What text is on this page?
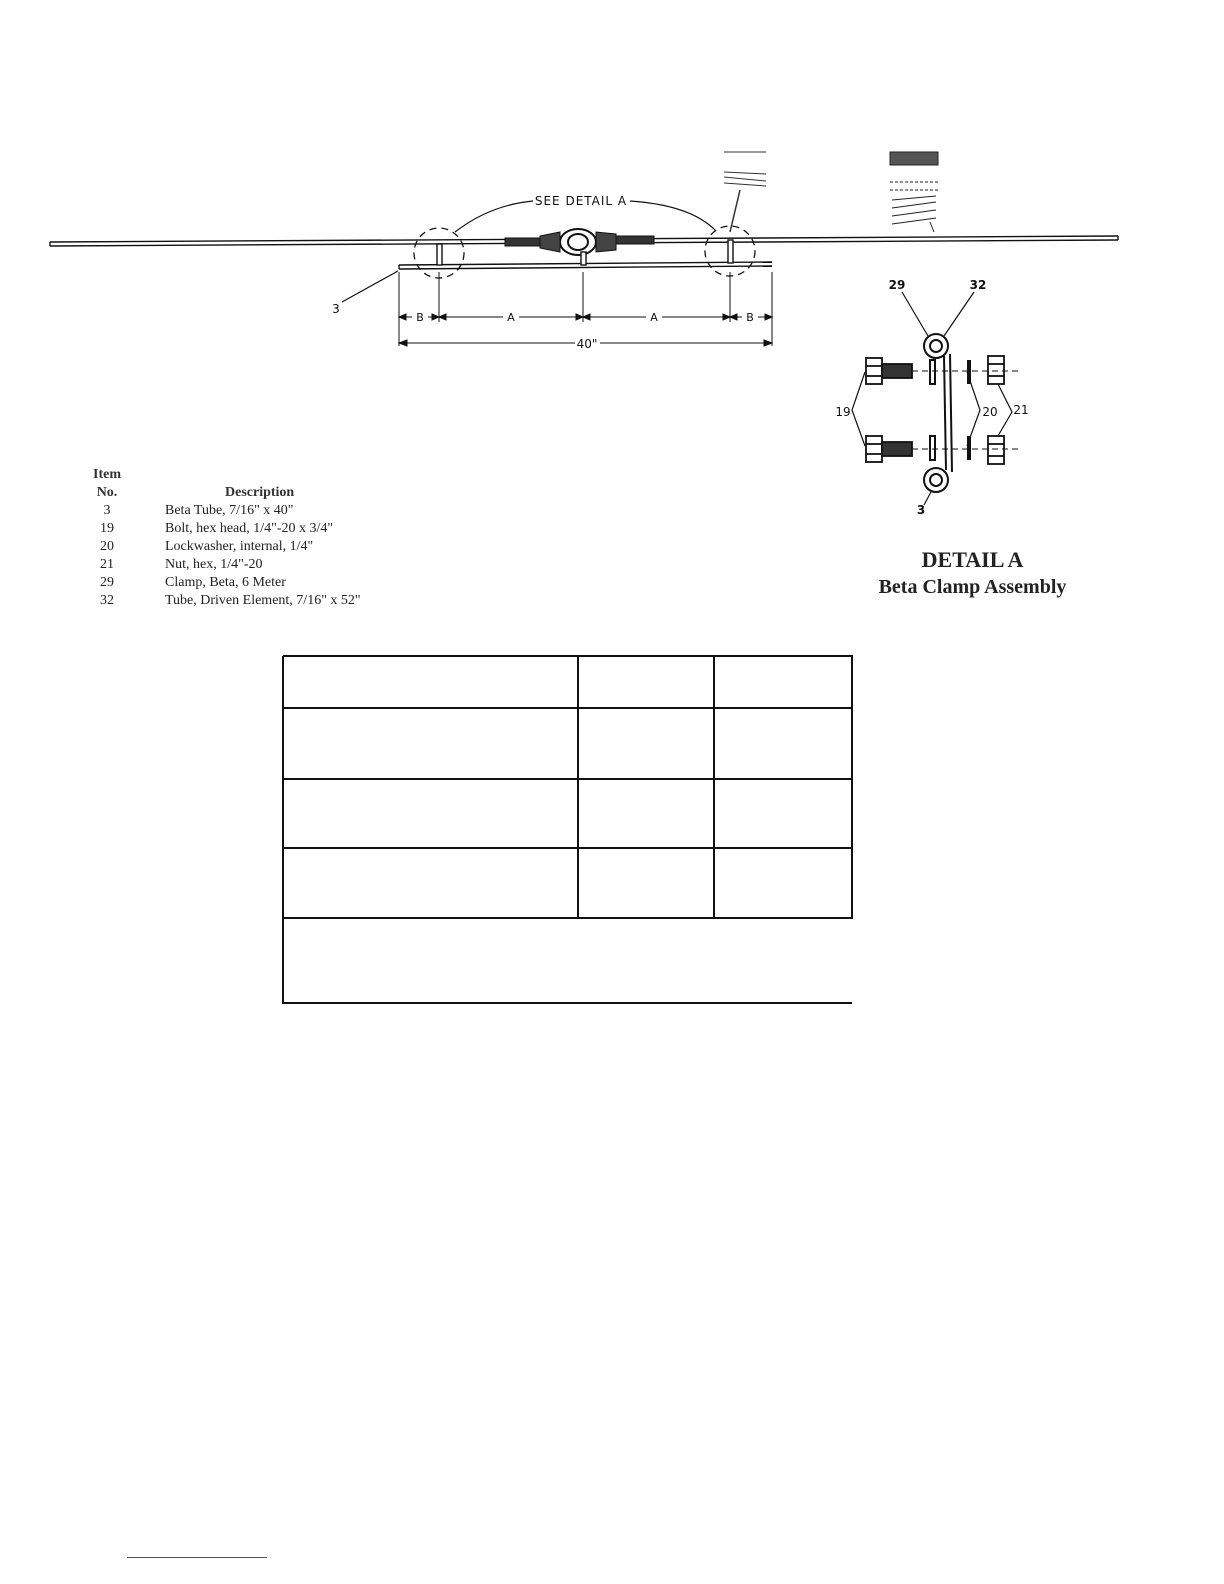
SEE DETAIL A
3
B	A	A	B
40"
29	32
19	20 21
3
DETAIL A
Beta Clamp Assembly
Item
No.	Description
3	Beta Tube, 7/16" x 40"
19	Bolt, hex head, 1/4"-20 x 3/4"
20	Lockwasher, internal, 1/4"
21	Nut, hex, 1/4"-20
29	Clamp, Beta, 6 Meter
32	Tube, Driven Element, 7/16" x 52"
